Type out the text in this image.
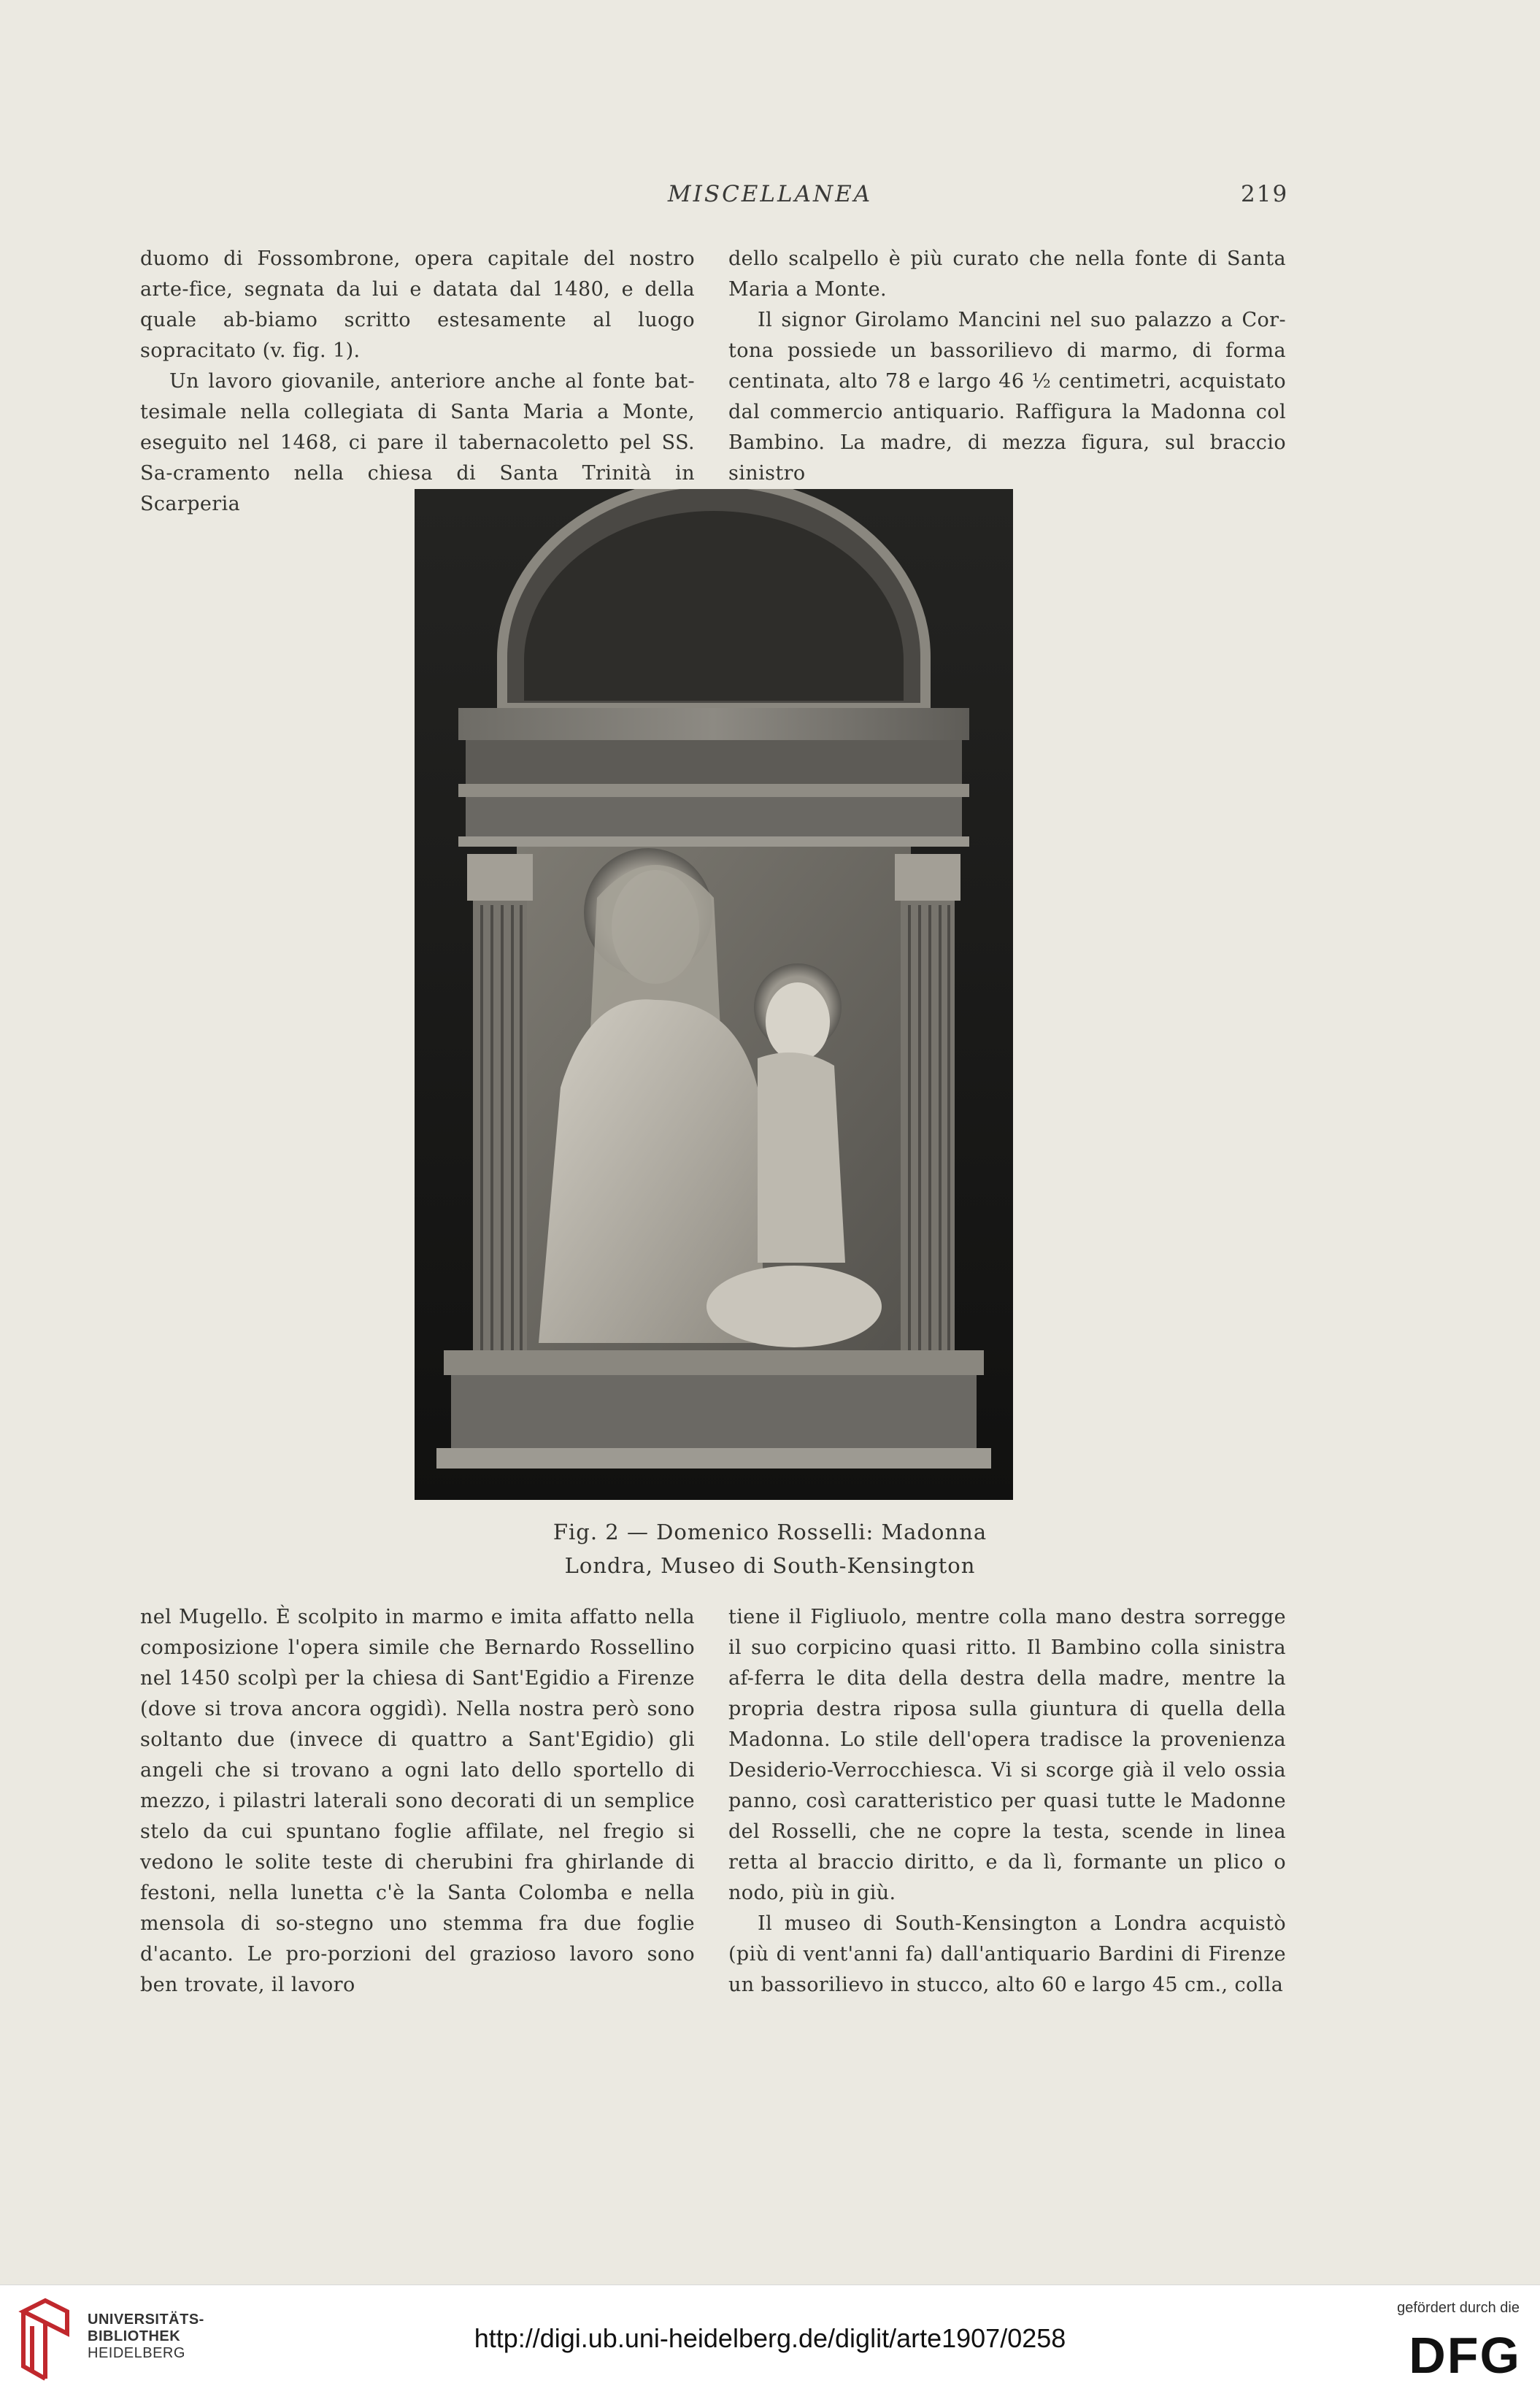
MISCELLANEA	219

duomo di Fossombrone, opera capitale del nostro arte-fice, segnata da lui e datata dal 1480, e della quale ab-biamo scritto estesamente al luogo sopracitato (v. fig. 1).

Un lavoro giovanile, anteriore anche al fonte bat-tesimale nella collegiata di Santa Maria a Monte, eseguito nel 1468, ci pare il tabernacoletto pel SS. Sa-cramento nella chiesa di Santa Trinità in Scarperia

dello scalpello è più curato che nella fonte di Santa Maria a Monte.

Il signor Girolamo Mancini nel suo palazzo a Cor-tona possiede un bassorilievo di marmo, di forma centinata, alto 78 e largo 46 ½ centimetri, acquistato dal commercio antiquario. Raffigura la Madonna col Bambino. La madre, di mezza figura, sul braccio sinistro

Fig. 2 — Domenico Rosselli: Madonna
Londra, Museo di South-Kensington

nel Mugello. È scolpito in marmo e imita affatto nella composizione l'opera simile che Bernardo Rossellino nel 1450 scolpì per la chiesa di Sant'Egidio a Firenze (dove si trova ancora oggidì). Nella nostra però sono soltanto due (invece di quattro a Sant'Egidio) gli angeli che si trovano a ogni lato dello sportello di mezzo, i pilastri laterali sono decorati di un semplice stelo da cui spuntano foglie affilate, nel fregio si vedono le solite teste di cherubini fra ghirlande di festoni, nella lunetta c'è la Santa Colomba e nella mensola di so-stegno uno stemma fra due foglie d'acanto. Le pro-porzioni del grazioso lavoro sono ben trovate, il lavoro

tiene il Figliuolo, mentre colla mano destra sorregge il suo corpicino quasi ritto. Il Bambino colla sinistra af-ferra le dita della destra della madre, mentre la propria destra riposa sulla giuntura di quella della Madonna. Lo stile dell'opera tradisce la provenienza Desiderio-Verrocchiesca. Vi si scorge già il velo ossia panno, così caratteristico per quasi tutte le Madonne del Rosselli, che ne copre la testa, scende in linea retta al braccio diritto, e da lì, formante un plico o nodo, più in giù.

Il museo di South-Kensington a Londra acquistò (più di vent'anni fa) dall'antiquario Bardini di Firenze un bassorilievo in stucco, alto 60 e largo 45 cm., colla

UNIVERSITÄTS-
BIBLIOTHEK
HEIDELBERG	http://digi.ub.uni-heidelberg.de/diglit/arte1907/0258
gefördert durch die
DFG
